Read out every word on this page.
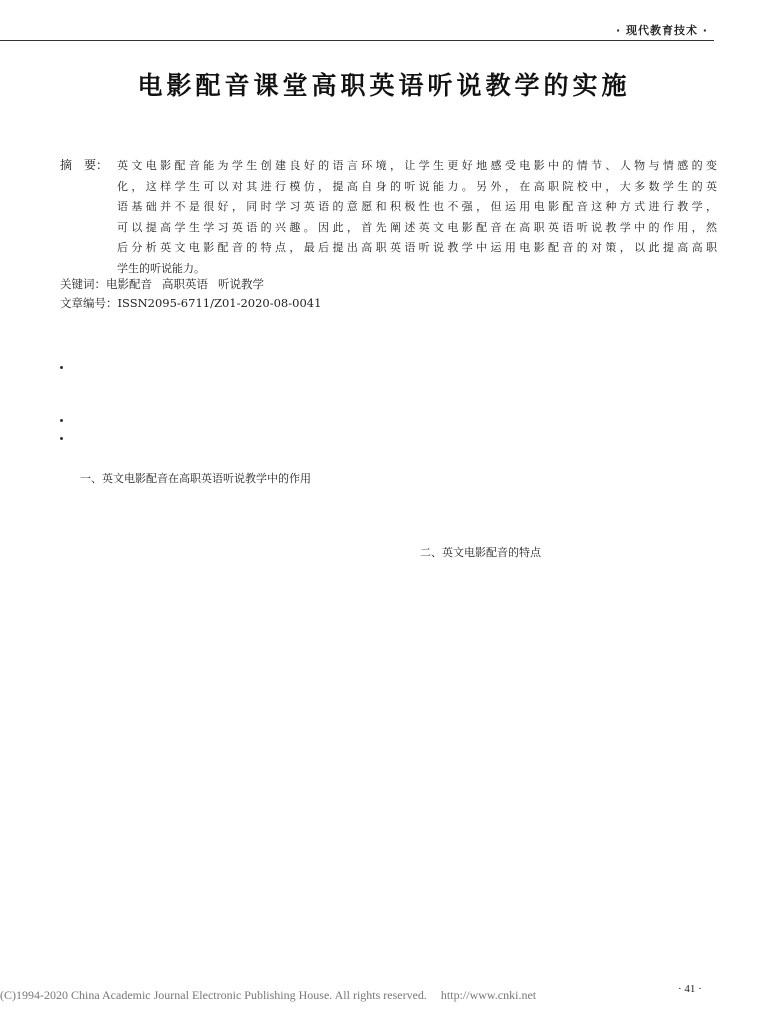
· 现代教育技术 ·
电影配音课堂高职英语听说教学的实施
摘　要： 英文电影配音能为学生创建良好的语言环境，让学生更好地感受电影中的情节、人物与情感的变
化，这样学生可以对其进行模仿，提高自身的听说能力。另外，在高职院校中，大多数学生的英
语基础并不是很好，同时学习英语的意愿和积极性也不强，但运用电影配音这种方式进行教学，
可以提高学生学习英语的兴趣。因此，首先阐述英文电影配音在高职英语听说教学中的作用，然
后分析英文电影配音的特点，最后提出高职英语听说教学中运用电影配音的对策，以此提高高职
学生的听说能力。
关键词：电影配音 高职英语 听说教学
文章编号：ISSN2095-6711/Z01-2020-08-0041
一、英文电影配音在高职英语听说教学中的作用
二、英文电影配音的特点
(C)1994-2020 China Academic Journal Electronic Publishing House. All rights reserved. http://www.cnki.net	· 41 ·
